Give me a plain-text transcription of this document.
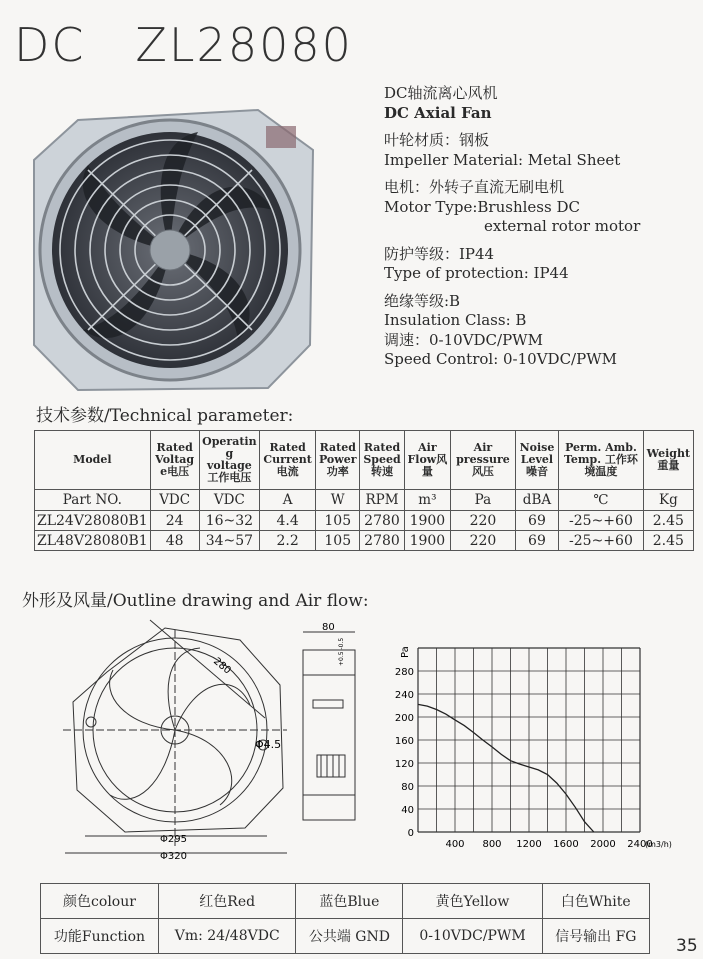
DC   ZL28080
DC轴流离心风机
DC Axial Fan
叶轮材质：钢板
Impeller Material: Metal Sheet
电机：外转子直流无刷电机
Motor Type:Brushless DC
external rotor motor
防护等级：IP44
Type of protection: IP44
绝缘等级:B
Insulation Class: B
调速：0-10VDC/PWM
Speed Control: 0-10VDC/PWM
技术参数/Technical parameter:
Model	Rated Voltag e电压	Operatin g voltage 工作电压	Rated Current 电流	Rated Power 功率	Rated Speed 转速	Air Flow风 量	Air pressure 风压	Noise Level 噪音	Perm. Amb. Temp. 工作环境温度	Weight 重量
Part NO.	VDC	VDC	A	W	RPM	m³	Pa	dBA	℃	Kg
ZL24V28080B1	24	16~32	4.4	105	2780	1900	220	69	-25~+60	2.45
ZL48V28080B1	48	34~57	2.2	105	2780	1900	220	69	-25~+60	2.45
外形及风量/Outline drawing and Air flow:
280
Φ4.5
Φ295
Φ320
80
+0.5 -0.5
0
40
80
120
160
200
240
280
400 800 1200 1600 2000 2400
Pa
(m3/h)
颜色colour	红色Red	蓝色Blue	黄色Yellow	白色White
功能Function	Vm: 24/48VDC	公共端 GND	0-10VDC/PWM	信号输出 FG 35
